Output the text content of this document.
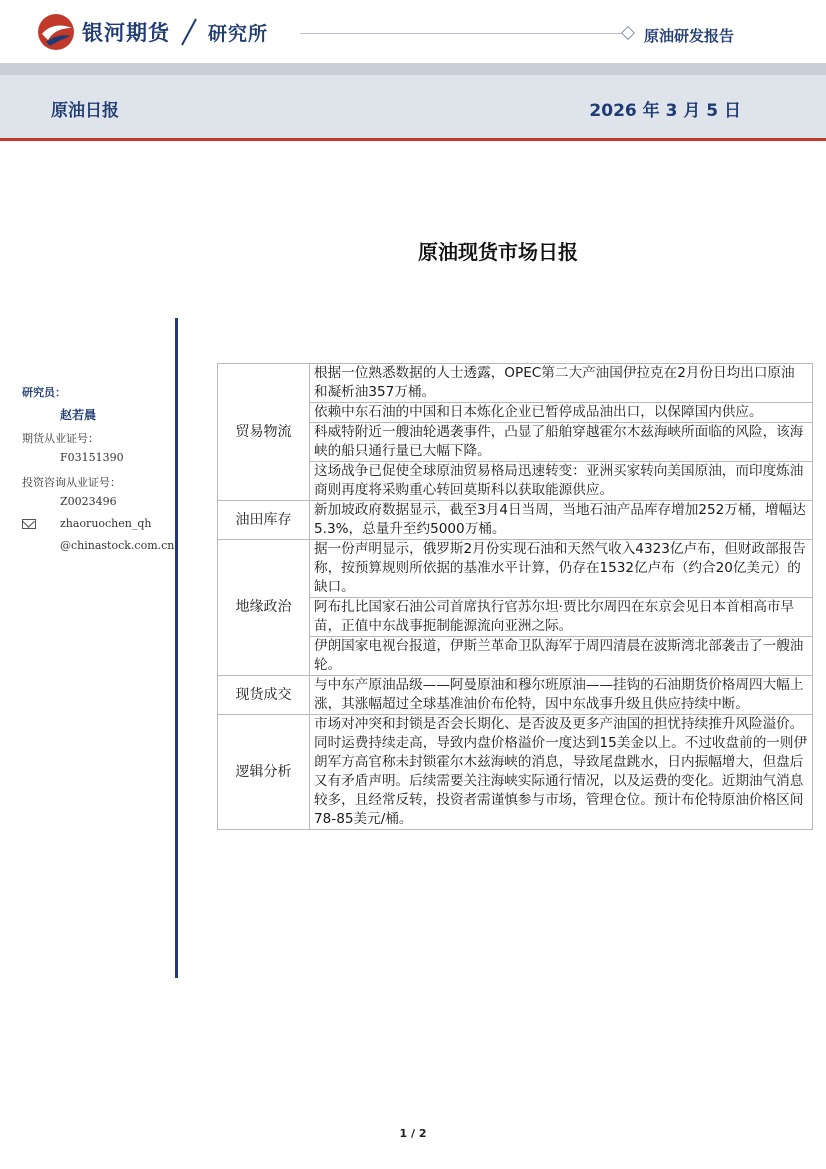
银河期货 研究所	原油研发报告
原油日报	2026 年 3 月 5 日
原油现货市场日报
研究员：
赵若晨
期货从业证号：
F03151390
投资咨询从业证号：
Z0023496
zhaoruochen_qh
@chinastock.com.cn
贸易物流	根据一位熟悉数据的人士透露，OPEC第二大产油国伊拉克在2月份日均出口原油和凝析油357万桶。
	依赖中东石油的中国和日本炼化企业已暂停成品油出口，以保障国内供应。
	科威特附近一艘油轮遇袭事件，凸显了船舶穿越霍尔木兹海峡所面临的风险，该海峡的船只通行量已大幅下降。
	这场战争已促使全球原油贸易格局迅速转变：亚洲买家转向美国原油，而印度炼油商则再度将采购重心转回莫斯科以获取能源供应。
油田库存	新加坡政府数据显示，截至3月4日当周，当地石油产品库存增加252万桶，增幅达5.3%，总量升至约5000万桶。
地缘政治	据一份声明显示，俄罗斯2月份实现石油和天然气收入4323亿卢布，但财政部报告称，按预算规则所依据的基准水平计算，仍存在1532亿卢布（约合20亿美元）的缺口。
	阿布扎比国家石油公司首席执行官苏尔坦·贾比尔周四在东京会见日本首相高市早苗，正值中东战事扼制能源流向亚洲之际。
	伊朗国家电视台报道，伊斯兰革命卫队海军于周四清晨在波斯湾北部袭击了一艘油轮。
现货成交	与中东产原油品级——阿曼原油和穆尔班原油——挂钩的石油期货价格周四大幅上涨，其涨幅超过全球基准油价布伦特，因中东战事升级且供应持续中断。
逻辑分析	市场对冲突和封锁是否会长期化、是否波及更多产油国的担忧持续推升风险溢价。同时运费持续走高，导致内盘价格溢价一度达到15美金以上。不过收盘前的一则伊朗军方高官称未封锁霍尔木兹海峡的消息，导致尾盘跳水，日内振幅增大，但盘后又有矛盾声明。后续需要关注海峡实际通行情况，以及运费的变化。近期油气消息较多，且经常反转，投资者需谨慎参与市场，管理仓位。预计布伦特原油价格区间78-85美元/桶。
1 / 2
